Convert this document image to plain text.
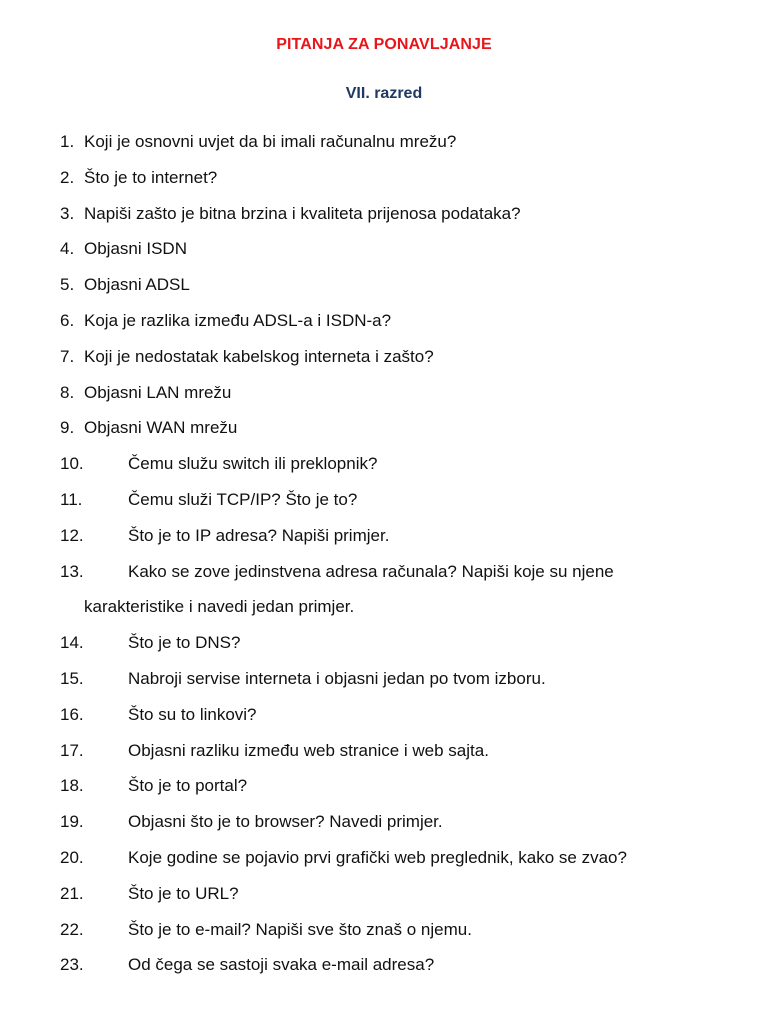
PITANJA ZA PONAVLJANJE
VII. razred
1. Koji je osnovni uvjet da bi imali računalnu mrežu?
2. Što je to internet?
3. Napiši zašto je bitna brzina i kvaliteta prijenosa podataka?
4. Objasni ISDN
5. Objasni ADSL
6. Koja je razlika između ADSL-a i ISDN-a?
7. Koji je nedostatak kabelskog interneta i zašto?
8. Objasni LAN mrežu
9. Objasni WAN mrežu
10.	Čemu služu switch ili preklopnik?
11.	Čemu služi TCP/IP? Što je to?
12.	Što je to IP adresa? Napiši primjer.
13.	Kako se zove jedinstvena adresa računala? Napiši koje su njene
karakteristike i navedi jedan primjer.
14.	Što je to DNS?
15.	Nabroji servise interneta i objasni jedan po tvom izboru.
16.	Što su to linkovi?
17.	Objasni razliku između web stranice i web sajta.
18.	Što je to portal?
19.	Objasni što je to browser? Navedi primjer.
20.	Koje godine se pojavio prvi grafički web preglednik, kako se zvao?
21.	Što je to URL?
22.	Što je to e-mail? Napiši sve što znaš o njemu.
23.	Od čega se sastoji svaka e-mail adresa?
